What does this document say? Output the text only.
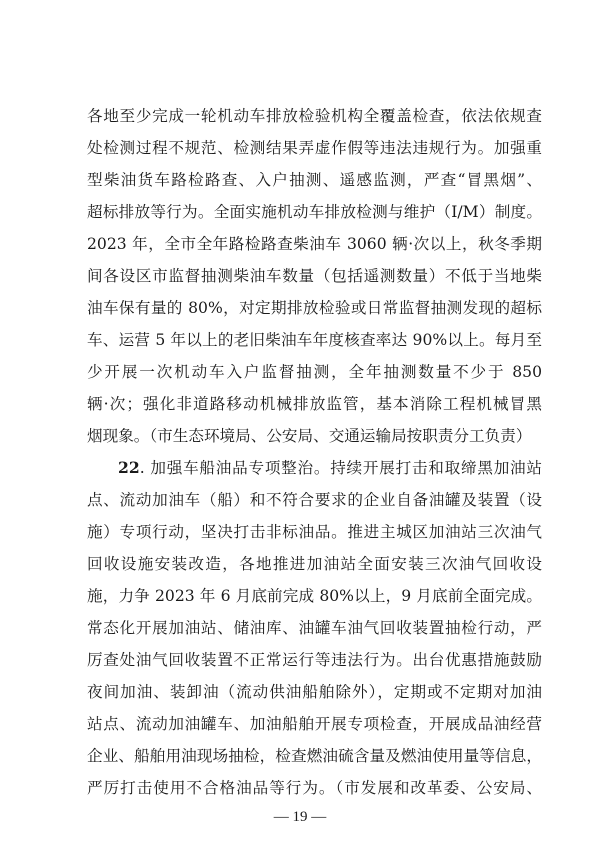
各地至少完成一轮机动车排放检验机构全覆盖检查，依法依规查
处检测过程不规范、检测结果弄虚作假等违法违规行为。加强重
型柴油货车路检路查、入户抽测、遥感监测，严查“冒黑烟”、
超标排放等行为。全面实施机动车排放检测与维护（I/M）制度。
2023 年，全市全年路检路查柴油车 3060 辆·次以上，秋冬季期
间各设区市监督抽测柴油车数量（包括遥测数量）不低于当地柴
油车保有量的 80%，对定期排放检验或日常监督抽测发现的超标
车、运营 5 年以上的老旧柴油车年度核查率达 90%以上。每月至
少开展一次机动车入户监督抽测，全年抽测数量不少于 850
辆·次；强化非道路移动机械排放监管，基本消除工程机械冒黑
烟现象。（市生态环境局、公安局、交通运输局按职责分工负责）
22. 加强车船油品专项整治。持续开展打击和取缔黑加油站
点、流动加油车（船）和不符合要求的企业自备油罐及装置（设
施）专项行动，坚决打击非标油品。推进主城区加油站三次油气
回收设施安装改造，各地推进加油站全面安装三次油气回收设
施，力争 2023 年 6 月底前完成 80%以上，9 月底前全面完成。
常态化开展加油站、储油库、油罐车油气回收装置抽检行动，严
厉查处油气回收装置不正常运行等违法行为。出台优惠措施鼓励
夜间加油、装卸油（流动供油船舶除外），定期或不定期对加油
站点、流动加油罐车、加油船舶开展专项检查，开展成品油经营
企业、船舶用油现场抽检，检查燃油硫含量及燃油使用量等信息，
严厉打击使用不合格油品等行为。（市发展和改革委、公安局、
— 19 —
